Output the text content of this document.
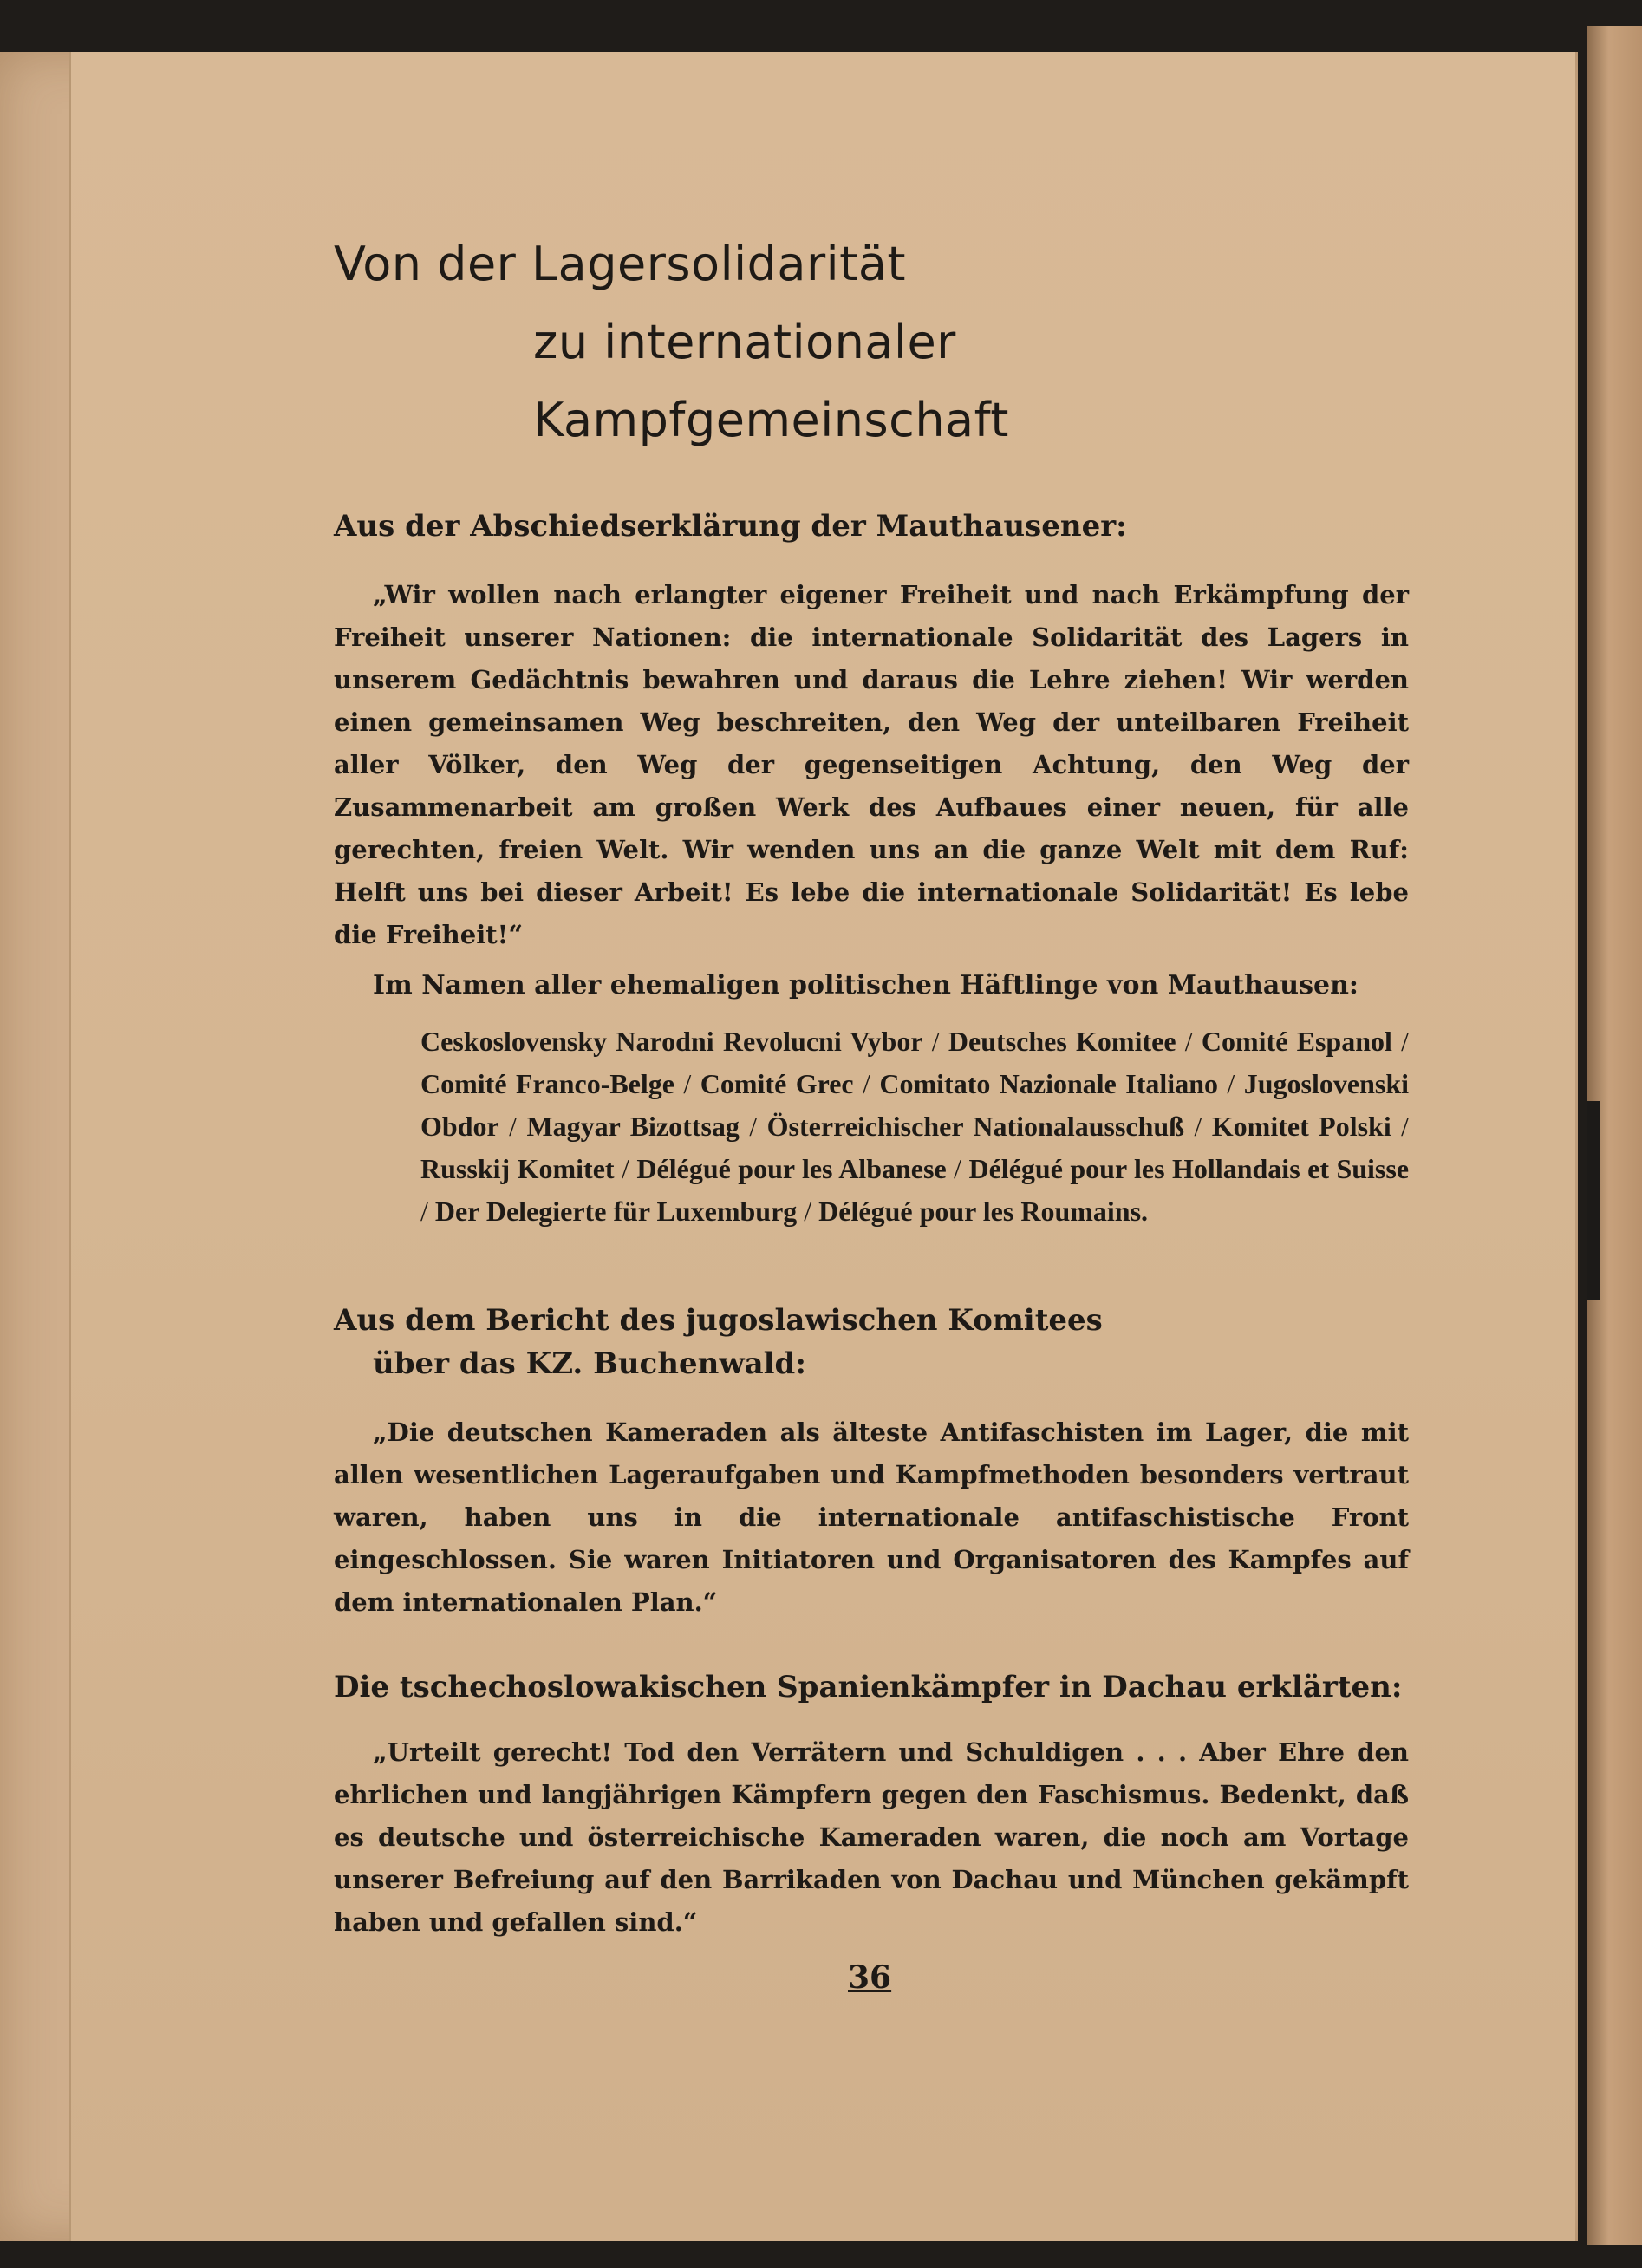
Von der Lagersolidarität
zu internationaler Kampfgemeinschaft

Aus der Abschiedserklärung der Mauthausener:

„Wir wollen nach erlangter eigener Freiheit und nach Erkämpfung der Freiheit unserer Nationen: die internationale Solidarität des Lagers in unserem Gedächtnis bewahren und daraus die Lehre ziehen! Wir werden einen gemeinsamen Weg beschreiten, den Weg der unteilbaren Freiheit aller Völker, den Weg der gegenseitigen Achtung, den Weg der Zusammenarbeit am großen Werk des Aufbaues einer neuen, für alle gerechten, freien Welt. Wir wenden uns an die ganze Welt mit dem Ruf: Helft uns bei dieser Arbeit! Es lebe die internationale Solidarität! Es lebe die Freiheit!“

Im Namen aller ehemaligen politischen Häftlinge von Mauthausen:

Ceskoslovensky Narodni Revolucni Vybor / Deutsches Komitee / Comité Espanol / Comité Franco-Belge / Comité Grec / Comitato Nazionale Italiano / Jugoslovenski Obdor / Magyar Bizottsag / Österreichischer Nationalausschuß / Komitet Polski / Russkij Komitet / Délégué pour les Albanese / Délégué pour les Hollandais et Suisse / Der Delegierte für Luxemburg / Délégué pour les Roumains.

Aus dem Bericht des jugoslawischen Komitees

über das KZ. Buchenwald:

„Die deutschen Kameraden als älteste Antifaschisten im Lager, die mit allen wesentlichen Lageraufgaben und Kampfmethoden besonders vertraut waren, haben uns in die internationale antifaschistische Front eingeschlossen. Sie waren Initiatoren und Organisatoren des Kampfes auf dem internationalen Plan.“

Die tschechoslowakischen Spanienkämpfer in Dachau erklärten:

„Urteilt gerecht! Tod den Verrätern und Schuldigen . . . Aber Ehre den ehrlichen und langjährigen Kämpfern gegen den Faschismus. Bedenkt, daß es deutsche und österreichische Kameraden waren, die noch am Vortage unserer Befreiung auf den Barrikaden von Dachau und München gekämpft haben und gefallen sind.“

36
